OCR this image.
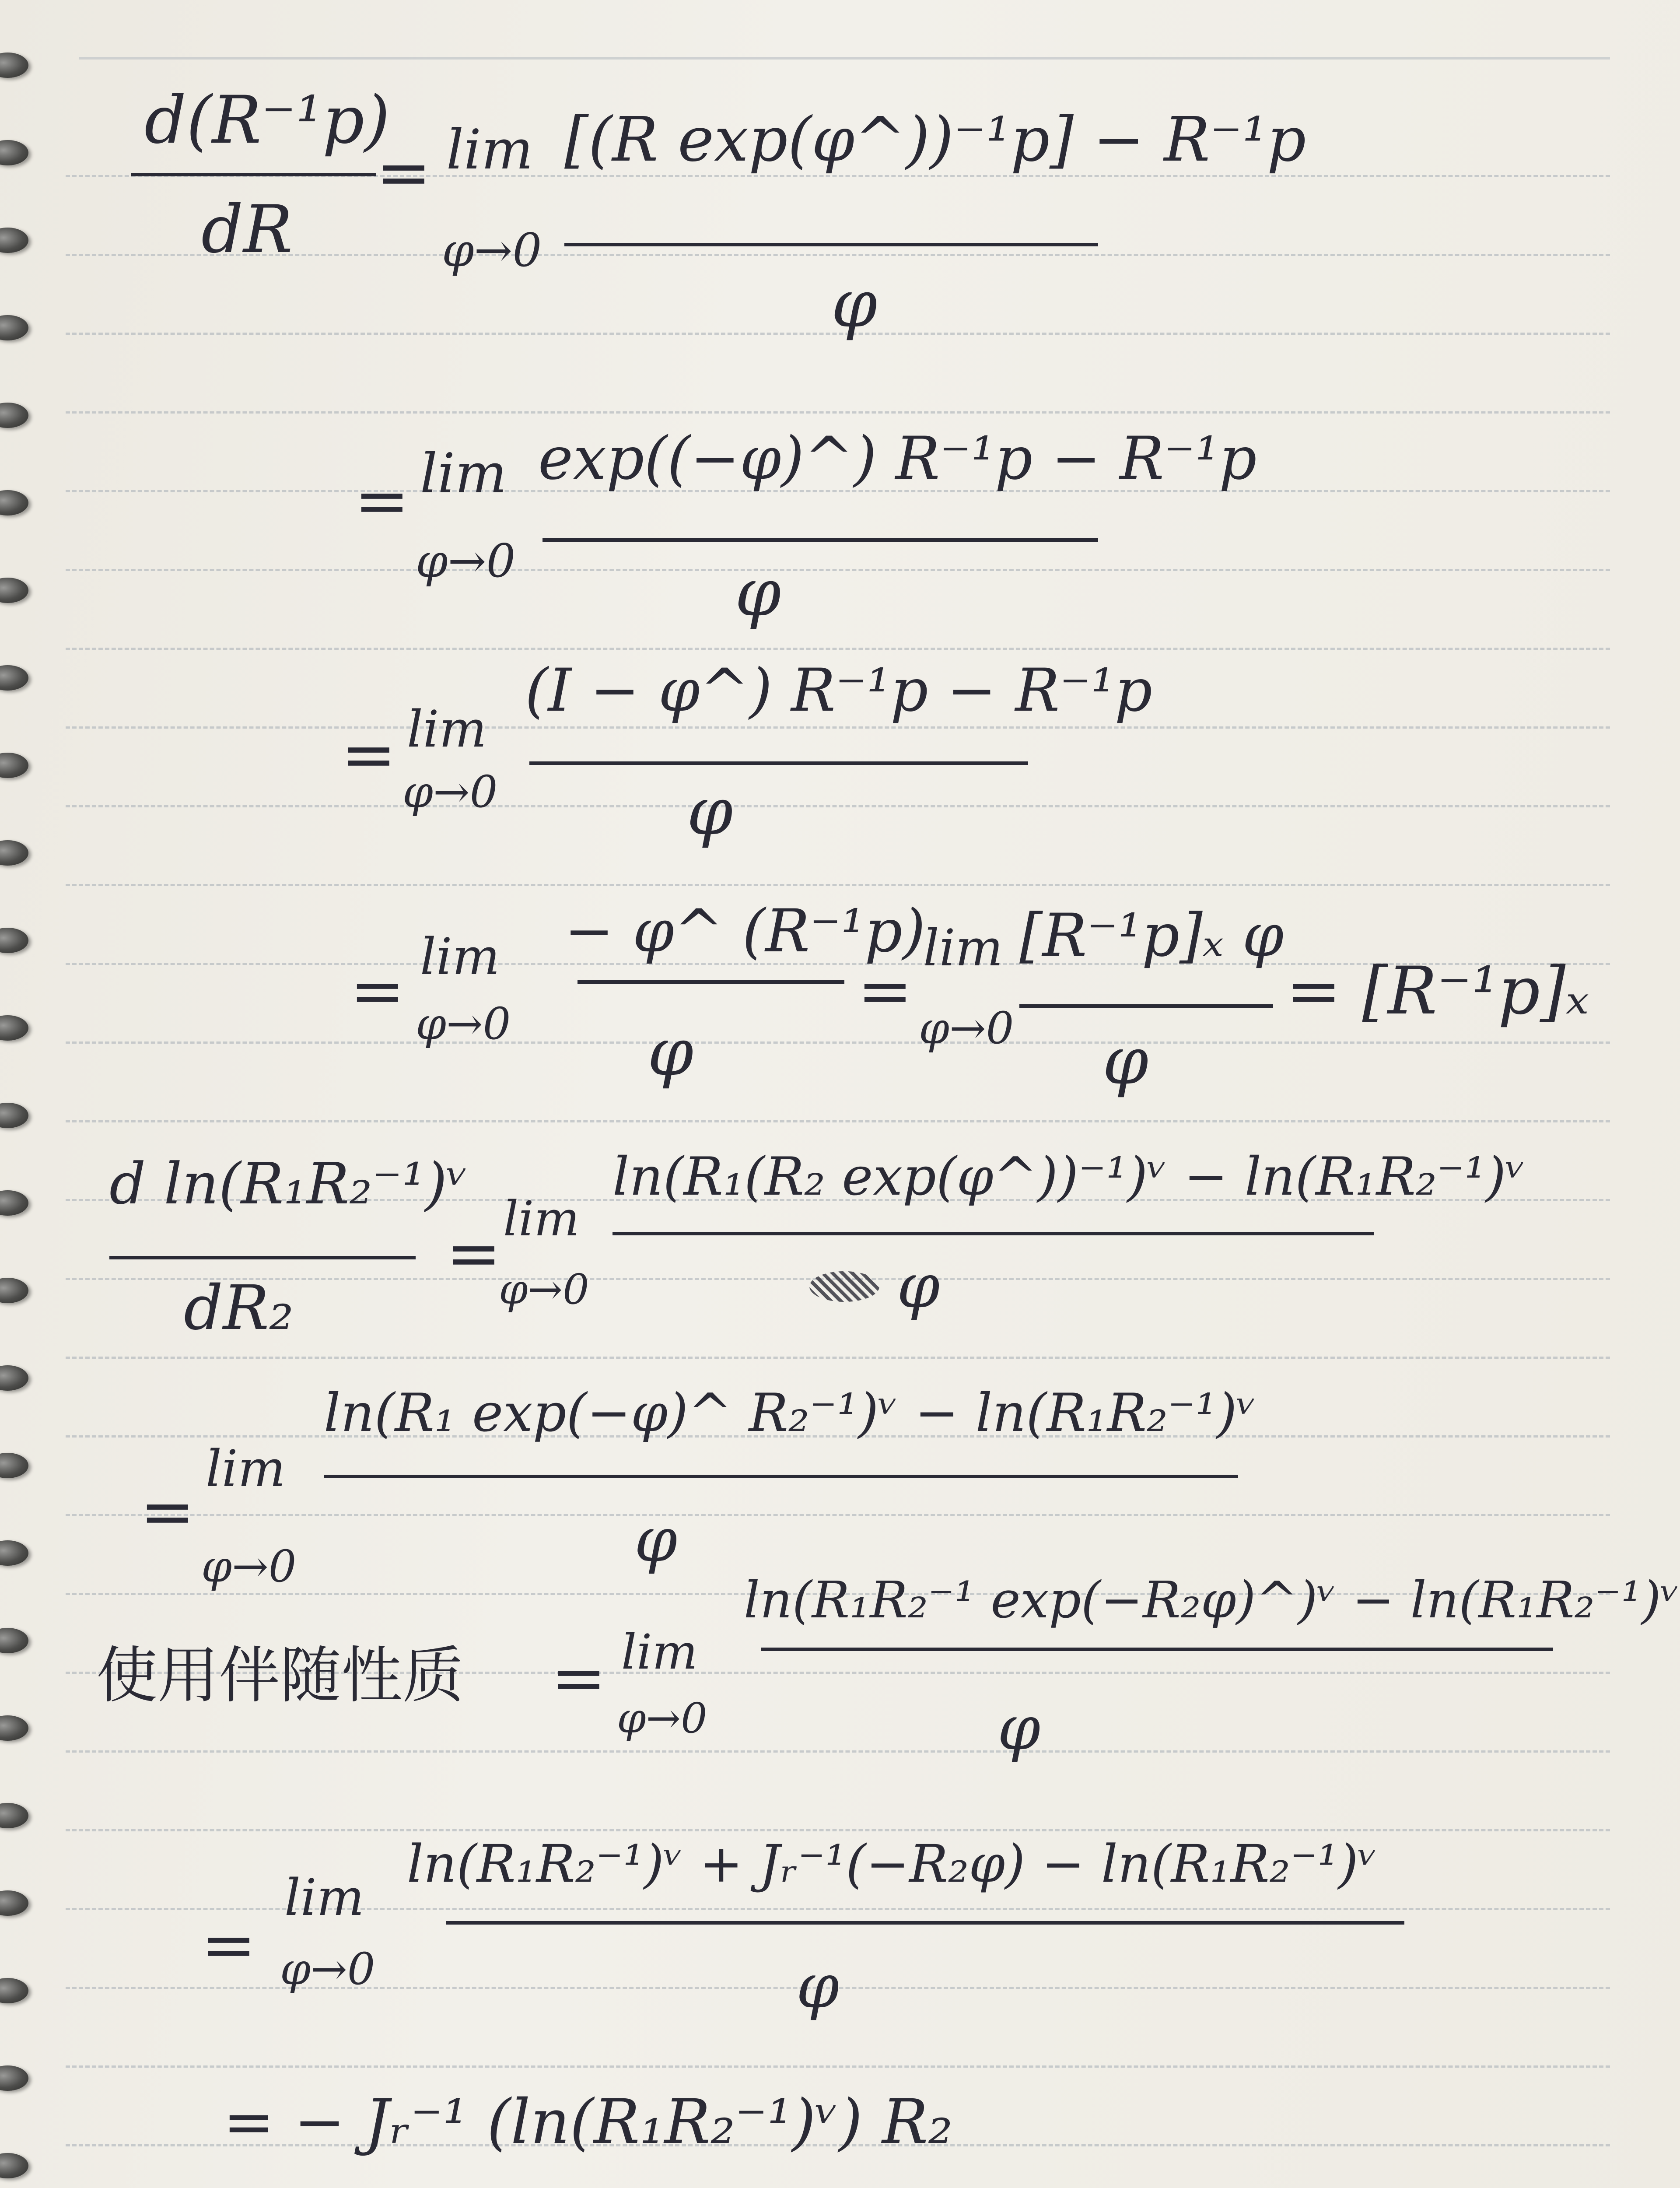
d(R⁻¹p)
dR
= lim
φ→0
[(R exp(φ^))⁻¹p] − R⁻¹p
φ
= lim
φ→0
exp((−φ)^) R⁻¹p − R⁻¹p
φ
= lim
φ→0
(I − φ^) R⁻¹p − R⁻¹p
φ
= lim
φ→0
− φ^ (R⁻¹p)
φ
=
lim
φ→0
[R⁻¹p]ₓ φ
φ
= [R⁻¹p]ₓ
d ln(R₁R₂⁻¹)ᵛ
dR₂
= lim
φ→0
ln(R₁(R₂ exp(φ^))⁻¹)ᵛ − ln(R₁R₂⁻¹)ᵛ
φ
=
lim
φ→0
ln(R₁ exp(−φ)^ R₂⁻¹)ᵛ − ln(R₁R₂⁻¹)ᵛ
φ
使用伴随性质 = lim
φ→0
ln(R₁R₂⁻¹ exp(−R₂φ)^)ᵛ − ln(R₁R₂⁻¹)ᵛ
φ
=
lim
φ→0
ln(R₁R₂⁻¹)ᵛ + Jᵣ⁻¹(−R₂φ) − ln(R₁R₂⁻¹)ᵛ
φ
= − Jᵣ⁻¹ (ln(R₁R₂⁻¹)ᵛ) R₂
